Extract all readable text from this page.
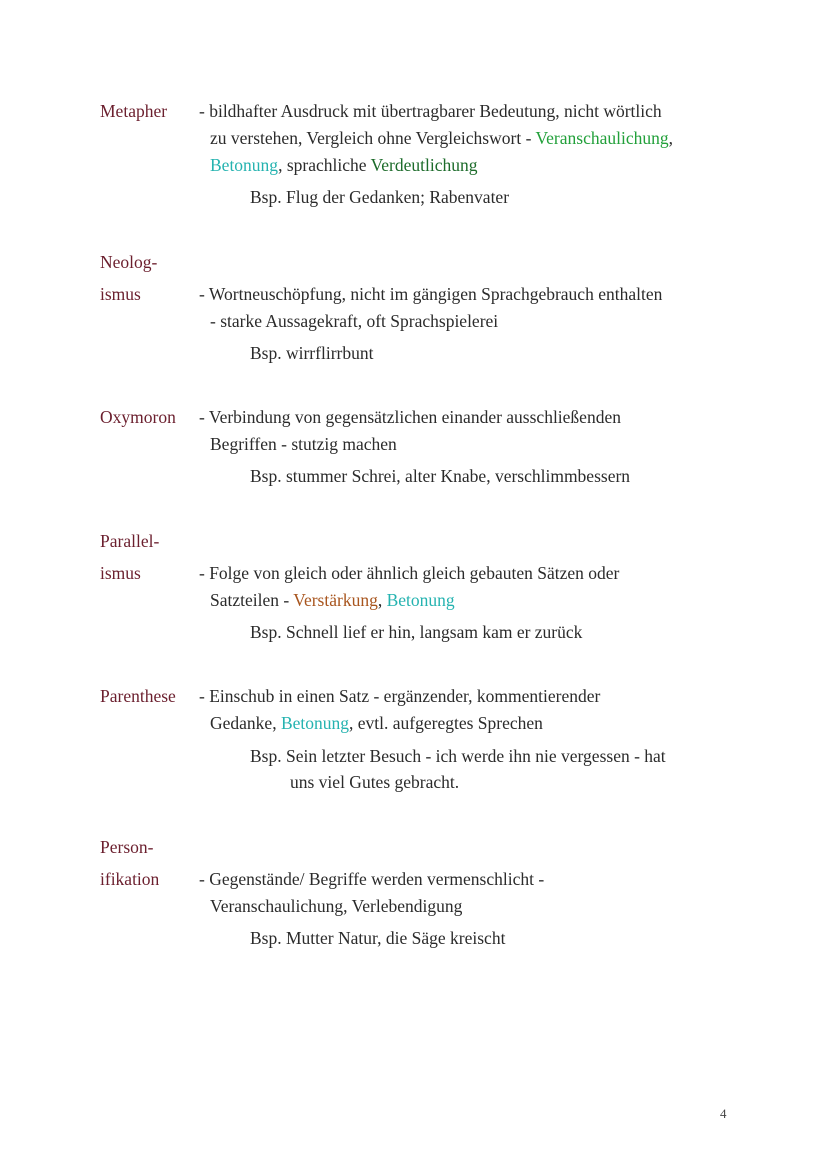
Metapher - bildhafter Ausdruck mit übertragbarer Bedeutung, nicht wörtlich
zu verstehen, Vergleich ohne Vergleichswort - Veranschaulichung,
Betonung, sprachliche Verdeutlichung
Bsp. Flug der Gedanken; Rabenvater
Neolog-
ismus	- Wortneuschöpfung, nicht im gängigen Sprachgebrauch enthalten
- starke Aussagekraft, oft Sprachspielerei
Bsp. wirrflirrbunt
Oxymoron - Verbindung von gegensätzlichen einander ausschließenden
Begriffen - stutzig machen
Bsp. stummer Schrei, alter Knabe, verschlimmbessern
Parallel-
ismus	- Folge von gleich oder ähnlich gleich gebauten Sätzen oder
Satzteilen - Verstärkung, Betonung
Bsp. Schnell lief er hin, langsam kam er zurück
Parenthese - Einschub in einen Satz - ergänzender, kommentierender
Gedanke, Betonung, evtl. aufgeregtes Sprechen
Bsp. Sein letzter Besuch - ich werde ihn nie vergessen - hat
uns viel Gutes gebracht.
Person-
ifikation - Gegenstände/ Begriffe werden vermenschlicht -
Veranschaulichung, Verlebendigung
Bsp. Mutter Natur, die Säge kreischt
4
